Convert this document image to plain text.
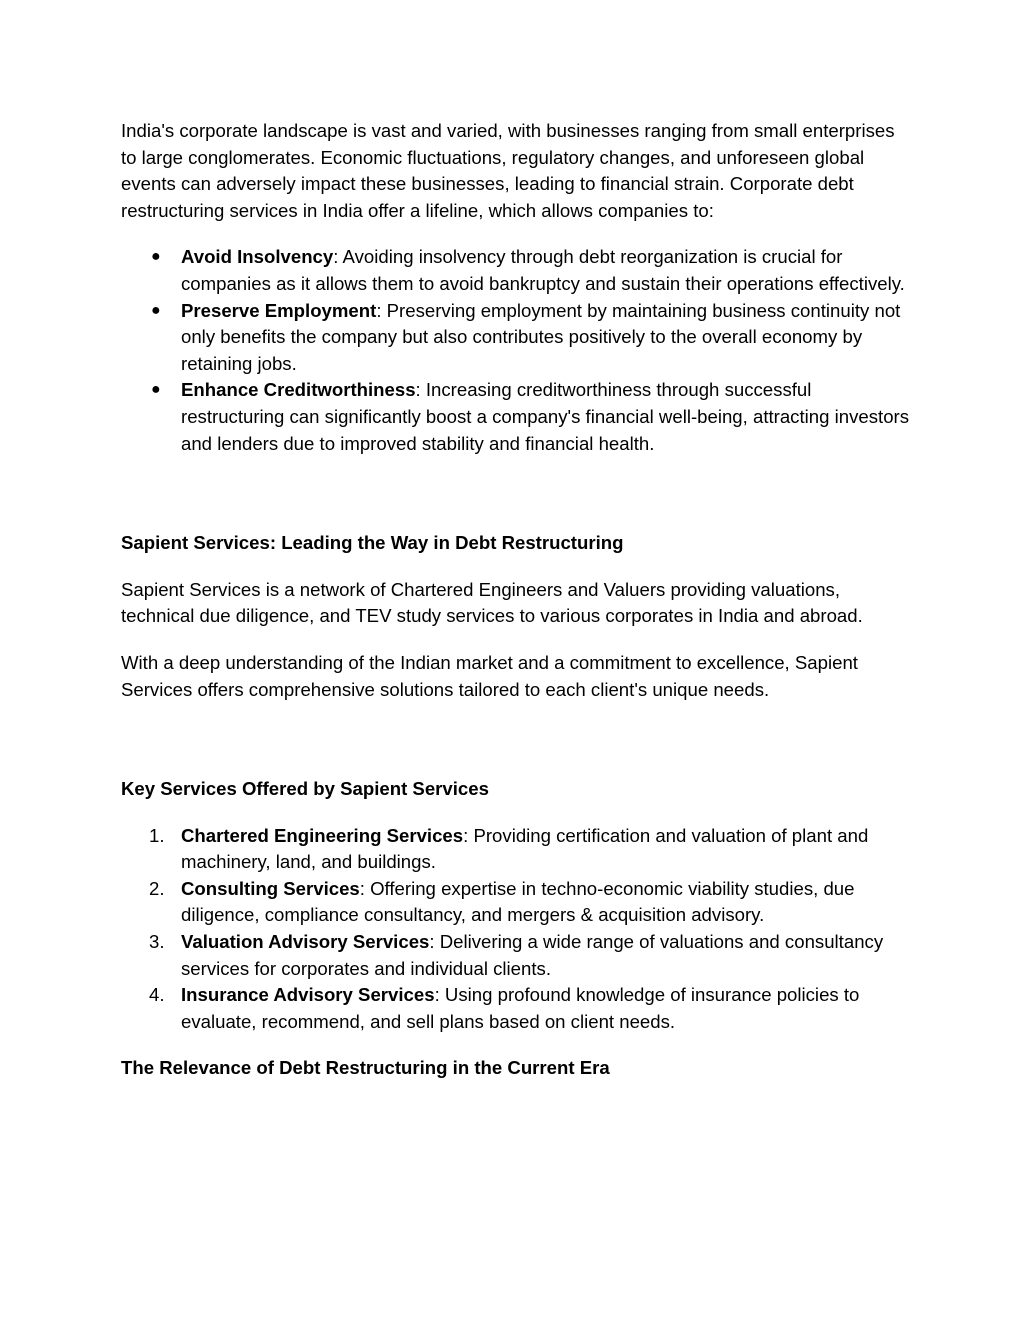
India's corporate landscape is vast and varied, with businesses ranging from small enterprises to large conglomerates. Economic fluctuations, regulatory changes, and unforeseen global events can adversely impact these businesses, leading to financial strain. Corporate debt restructuring services in India offer a lifeline, which allows companies to:

● Avoid Insolvency: Avoiding insolvency through debt reorganization is crucial for companies as it allows them to avoid bankruptcy and sustain their operations effectively.
● Preserve Employment: Preserving employment by maintaining business continuity not only benefits the company but also contributes positively to the overall economy by retaining jobs.
● Enhance Creditworthiness: Increasing creditworthiness through successful restructuring can significantly boost a company's financial well-being, attracting investors and lenders due to improved stability and financial health.

Sapient Services: Leading the Way in Debt Restructuring

Sapient Services is a network of Chartered Engineers and Valuers providing valuations, technical due diligence, and TEV study services to various corporates in India and abroad.

With a deep understanding of the Indian market and a commitment to excellence, Sapient Services offers comprehensive solutions tailored to each client's unique needs.

Key Services Offered by Sapient Services

1. Chartered Engineering Services: Providing certification and valuation of plant and machinery, land, and buildings.
2. Consulting Services: Offering expertise in techno-economic viability studies, due diligence, compliance consultancy, and mergers & acquisition advisory.
3. Valuation Advisory Services: Delivering a wide range of valuations and consultancy services for corporates and individual clients.
4. Insurance Advisory Services: Using profound knowledge of insurance policies to evaluate, recommend, and sell plans based on client needs.

The Relevance of Debt Restructuring in the Current Era
